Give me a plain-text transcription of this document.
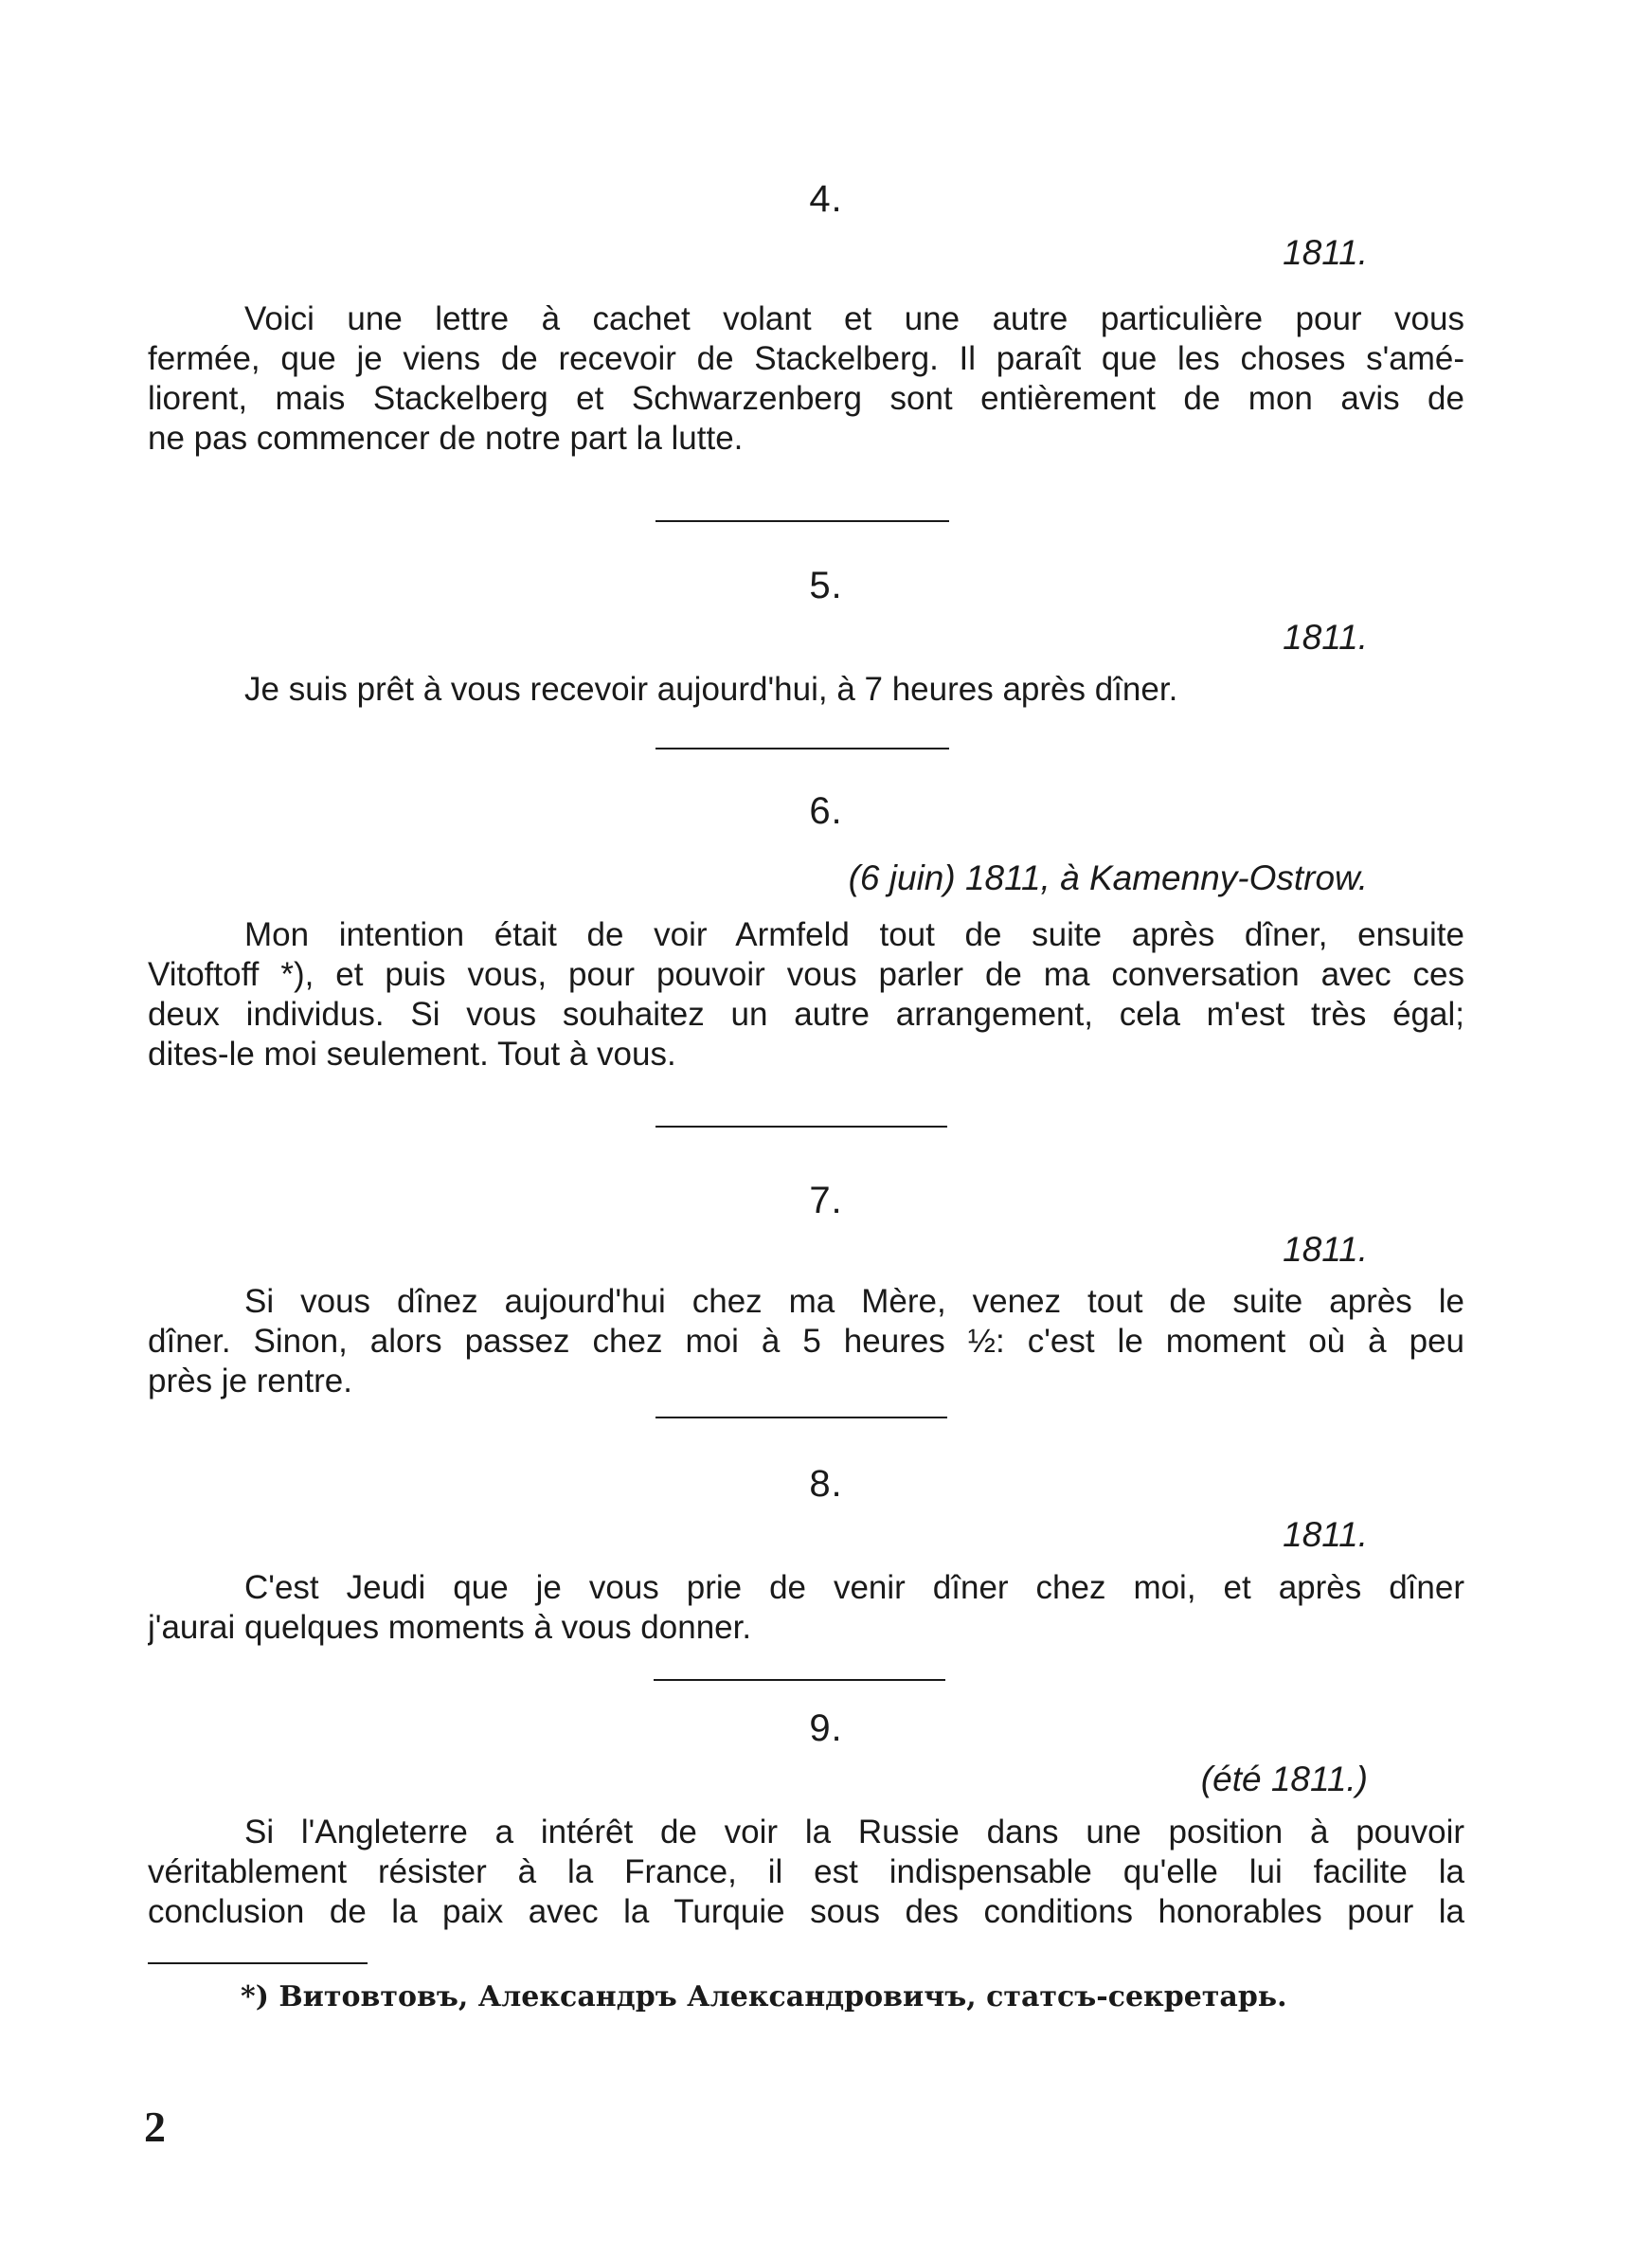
4.
1811.
Voici une lettre à cachet volant et une autre particulière pour vous
fermée, que je viens de recevoir de Stackelberg. Il paraît que les choses s'amé-
liorent, mais Stackelberg et Schwarzenberg sont entièrement de mon avis de
ne pas commencer de notre part la lutte.
5.
1811.
Je suis prêt à vous recevoir aujourd'hui, à 7 heures après dîner.
6.
(6 juin) 1811, à Kamenny-Ostrow.
Mon intention était de voir Armfeld tout de suite après dîner, ensuite
Vitoftoff *), et puis vous, pour pouvoir vous parler de ma conversation avec ces
deux individus. Si vous souhaitez un autre arrangement, cela m'est très égal;
dites-le moi seulement. Tout à vous.
7.
1811.
Si vous dînez aujourd'hui chez ma Mère, venez tout de suite après le
dîner. Sinon, alors passez chez moi à 5 heures ½: c'est le moment où à peu
près je rentre.
8.
1811.
C'est Jeudi que je vous prie de venir dîner chez moi, et après dîner
j'aurai quelques moments à vous donner.
9.
(été 1811.)
Si l'Angleterre a intérêt de voir la Russie dans une position à pouvoir
véritablement résister à la France, il est indispensable qu'elle lui facilite la
conclusion de la paix avec la Turquie sous des conditions honorables pour la
*) Витовтовъ, Александръ Александровичъ, статсъ-секретарь.
2
